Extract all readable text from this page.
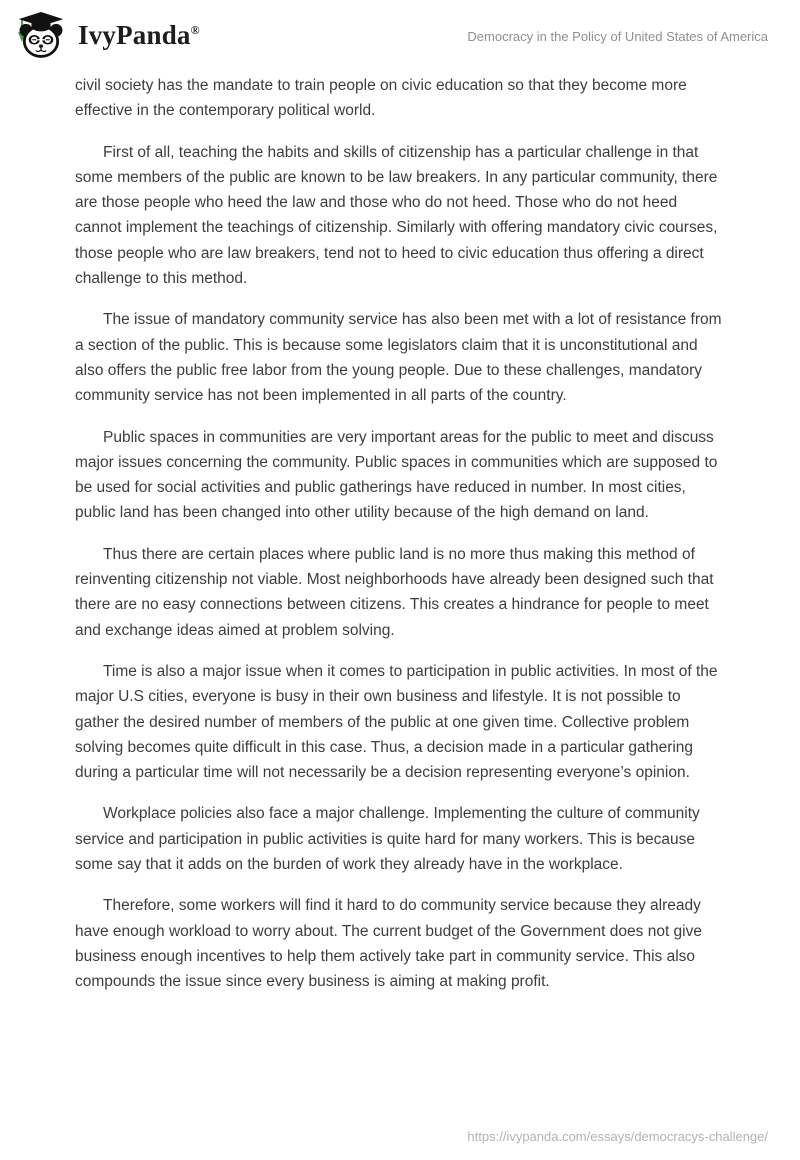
IvyPanda®	Democracy in the Policy of United States of America

civil society has the mandate to train people on civic education so that they become more effective in the contemporary political world.

First of all, teaching the habits and skills of citizenship has a particular challenge in that some members of the public are known to be law breakers. In any particular community, there are those people who heed the law and those who do not heed. Those who do not heed cannot implement the teachings of citizenship. Similarly with offering mandatory civic courses, those people who are law breakers, tend not to heed to civic education thus offering a direct challenge to this method.

The issue of mandatory community service has also been met with a lot of resistance from a section of the public. This is because some legislators claim that it is unconstitutional and also offers the public free labor from the young people. Due to these challenges, mandatory community service has not been implemented in all parts of the country.

Public spaces in communities are very important areas for the public to meet and discuss major issues concerning the community. Public spaces in communities which are supposed to be used for social activities and public gatherings have reduced in number. In most cities, public land has been changed into other utility because of the high demand on land.

Thus there are certain places where public land is no more thus making this method of reinventing citizenship not viable. Most neighborhoods have already been designed such that there are no easy connections between citizens. This creates a hindrance for people to meet and exchange ideas aimed at problem solving.

Time is also a major issue when it comes to participation in public activities. In most of the major U.S cities, everyone is busy in their own business and lifestyle. It is not possible to gather the desired number of members of the public at one given time. Collective problem solving becomes quite difficult in this case. Thus, a decision made in a particular gathering during a particular time will not necessarily be a decision representing everyone’s opinion.

Workplace policies also face a major challenge. Implementing the culture of community service and participation in public activities is quite hard for many workers. This is because some say that it adds on the burden of work they already have in the workplace.

Therefore, some workers will find it hard to do community service because they already have enough workload to worry about. The current budget of the Government does not give business enough incentives to help them actively take part in community service. This also compounds the issue since every business is aiming at making profit.

https://ivypanda.com/essays/democracys-challenge/
